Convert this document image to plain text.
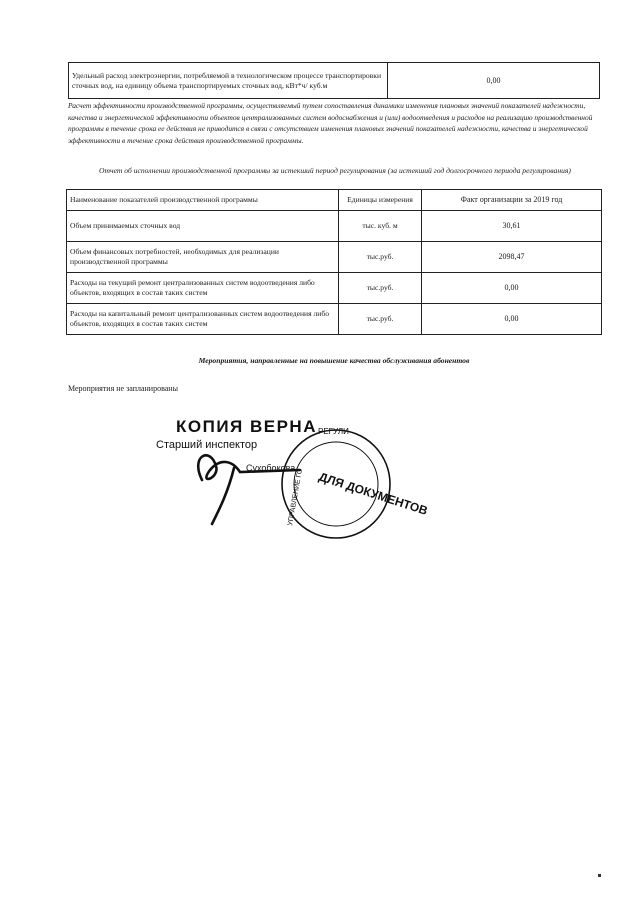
Удельный расход электроэнергии, потребляемой в технологическом процессе транспортировки сточных вод, на единицу объема транспортируемых сточных вод, кВт*ч/ куб.м	0,00

Расчет эффективности производственной программы, осуществляемый путем сопоставления динамики изменения плановых значений показателей надежности, качества и энергетической эффективности объектов централизованных систем водоснабжения и (или) водоотведения и расходов на реализацию производственной программы в течение срока ее действия не приводится в связи с отсутствием изменения плановых значений показателей надежности, качества и энергетической эффективности в течение срока действия производственной программы.

Отчет об исполнении производственной программы за истекший период регулирования (за истекший год долгосрочного периода регулирования)

Наименование показателей производственной программы	Единицы измерения	Факт организации за 2019 год
Объем принимаемых сточных вод	тыс. куб. м	30,61
Объем финансовых потребностей, необходимых для реализации производственной программы	тыс.руб.	2098,47
Расходы на текущий ремонт централизованных систем водоотведения либо объектов, входящих в состав таких систем	тыс.руб.	0,00
Расходы на капитальный ремонт централизованных систем водоотведения либо объектов, входящих в состав таких систем	тыс.руб.	0,00

Мероприятия, направленные на повышение качества обслуживания абонентов

Мероприятия не запланированы

КОПИЯ ВЕРНА
Старший инспектор
Сухобокова
РЕГУЛИ
УПРАВЛЕНИЕ ГО ДЛЯ ДОКУМЕНТОВ
